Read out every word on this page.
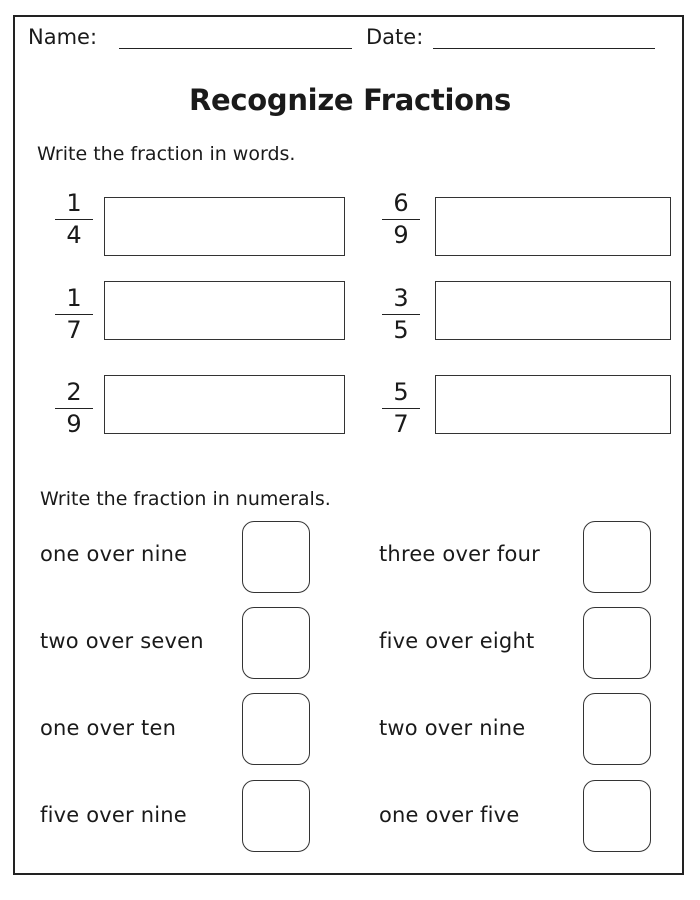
Name:	Date:
Recognize Fractions
Write the fraction in words.
1
4
6
9
1
7
3
5
2
9
5
7
Write the fraction in numerals.
one over nine	three over four
two over seven	five over eight
one over ten	two over nine
five over nine	one over five
